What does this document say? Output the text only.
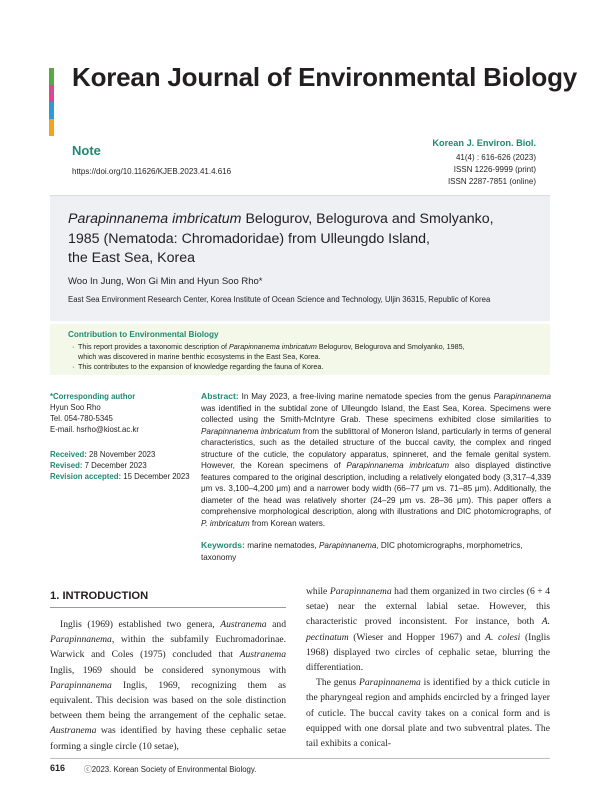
Korean Journal of Environmental Biology
Korean J. Environ. Biol.
41(4) : 616-626 (2023)
ISSN 1226-9999 (print)
ISSN 2287-7851 (online)
Note
https://doi.org/10.11626/KJEB.2023.41.4.616
Parapinnanema imbricatum Belogurov, Belogurova and Smolyanko,
1985 (Nematoda: Chromadoridae) from Ulleungdo Island,
the East Sea, Korea
Woo In Jung, Won Gi Min and Hyun Soo Rho*
East Sea Environment Research Center, Korea Institute of Ocean Science and Technology, Uljin 36315, Republic of Korea
Contribution to Environmental Biology
· This report provides a taxonomic description of Parapinnanema imbricatum Belogurov, Belogurova and Smolyanko, 1985,
which was discovered in marine benthic ecosystems in the East Sea, Korea.
· This contributes to the expansion of knowledge regarding the fauna of Korea.
*Corresponding author
Hyun Soo Rho
Tel. 054-780-5345
E-mail. hsrho@kiost.ac.kr
Received: 28 November 2023
Revised: 7 December 2023
Revision accepted: 15 December 2023
Abstract: In May 2023, a free-living marine nematode species from the genus Parapinnanema was identified in the subtidal zone of Ulleungdo Island, the East Sea, Korea. Specimens were collected using the Smith-McIntyre Grab. These specimens exhibited close similarities to Parapinnanema imbricatum from the sublittoral of Moneron Island, particularly in terms of general characteristics, such as the detailed structure of the buccal cavity, the complex and ringed structure of the cuticle, the copulatory apparatus, spinneret, and the female genital system. However, the Korean specimens of Parapinnanema imbricatum also displayed distinctive features compared to the original description, including a relatively elongated body (3,317–4,339 μm vs. 3,100–4,200 μm) and a narrower body width (66–77 μm vs. 71–85 μm). Additionally, the diameter of the head was relatively shorter (24–29 μm vs. 28–36 μm). This paper offers a comprehensive morphological description, along with illustrations and DIC photomicrographs, of P. imbricatum from Korean waters.
Keywords: marine nematodes, Parapinnanema, DIC photomicrographs, morphometrics, taxonomy
1. INTRODUCTION
Inglis (1969) established two genera, Austranema and Parapinnanema, within the subfamily Euchromadorinae. Warwick and Coles (1975) concluded that Austranema Inglis, 1969 should be considered synonymous with Parapinnanema Inglis, 1969, recognizing them as equivalent. This decision was based on the sole distinction between them being the arrangement of the cephalic setae. Austranema was identified by having these cephalic setae forming a single circle (10 setae),

while Parapinnanema had them organized in two circles (6 + 4 setae) near the external labial setae. However, this characteristic proved inconsistent. For instance, both A. pectinatum (Wieser and Hopper 1967) and A. colesi (Inglis 1968) displayed two circles of cephalic setae, blurring the differentiation.

The genus Parapinnanema is identified by a thick cuticle in the pharyngeal region and amphids encircled by a fringed layer of cuticle. The buccal cavity takes on a conical form and is equipped with one dorsal plate and two subventral plates. The tail exhibits a conical-

616 ⓒ2023. Korean Society of Environmental Biology.
